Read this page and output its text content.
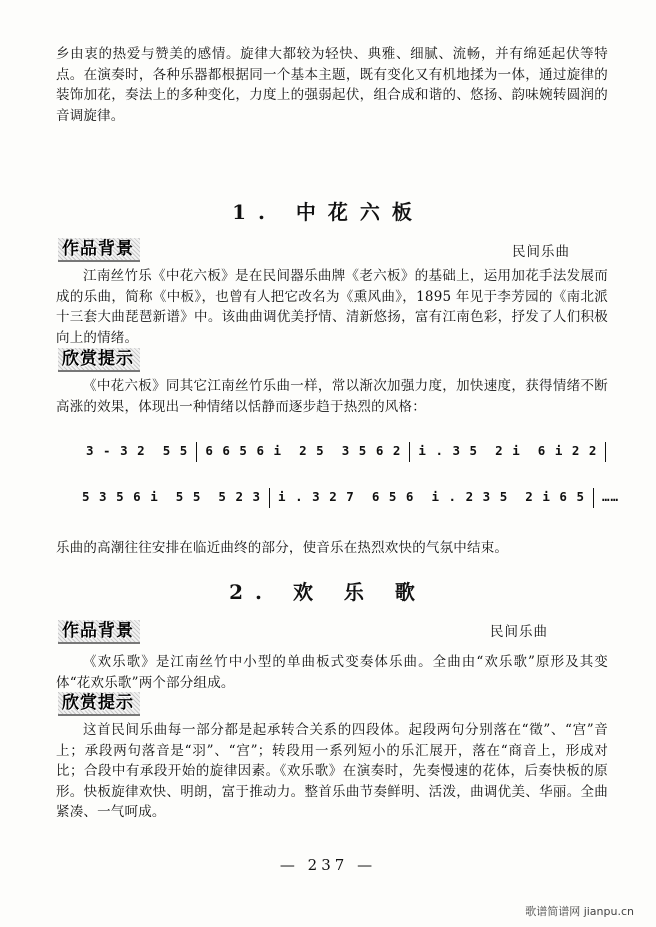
乡由衷的热爱与赞美的感情。旋律大都较为轻快、典雅、细腻、流畅，并有绵延起伏等特点。在演奏时，各种乐器都根据同一个基本主题，既有变化又有机地揉为一体，通过旋律的装饰加花，奏法上的多种变化，力度上的强弱起伏，组合成和谐的、悠扬、韵味婉转圆润的音调旋律。
1. 中花六板
作品背景	民间乐曲
江南丝竹乐《中花六板》是在民间器乐曲牌《老六板》的基础上，运用加花手法发展而成的乐曲，简称《中板》，也曾有人把它改名为《熏风曲》，1895 年见于李芳园的《南北派十三套大曲琵琶新谱》中。该曲曲调优美抒情、清新悠扬，富有江南色彩，抒发了人们积极向上的情绪。
欣赏提示
《中花六板》同其它江南丝竹乐曲一样，常以渐次加强力度，加快速度，获得情绪不断高涨的效果，体现出一种情绪以恬静而逐步趋于热烈的风格：
3 - 3 2  5 5 6 6 5 6 i  2 5  3 5 6 2 i . 3 5  2 i  6 i 2 2
5 3 5 6 i  5 5  5 2 3 i . 3 2 7  6 5 6  i . 2 3 5  2 i 6 5 ……
乐曲的高潮往往安排在临近曲终的部分，使音乐在热烈欢快的气氛中结束。
2. 欢 乐 歌
作品背景	民间乐曲
《欢乐歌》是江南丝竹中小型的单曲板式变奏体乐曲。全曲由“欢乐歌”原形及其变体“花欢乐歌”两个部分组成。
欣赏提示
这首民间乐曲每一部分都是起承转合关系的四段体。起段两句分别落在“徵”、“宫”音上；承段两句落音是“羽”、“宫”；转段用一系列短小的乐汇展开，落在“商音上，形成对比；合段中有承段开始的旋律因素。《欢乐歌》在演奏时，先奏慢速的花体，后奏快板的原形。快板旋律欢快、明朗，富于推动力。整首乐曲节奏鲜明、活泼，曲调优美、华丽。全曲紧凑、一气呵成。
— 237 —
歌谱简谱网 jianpu.cn
